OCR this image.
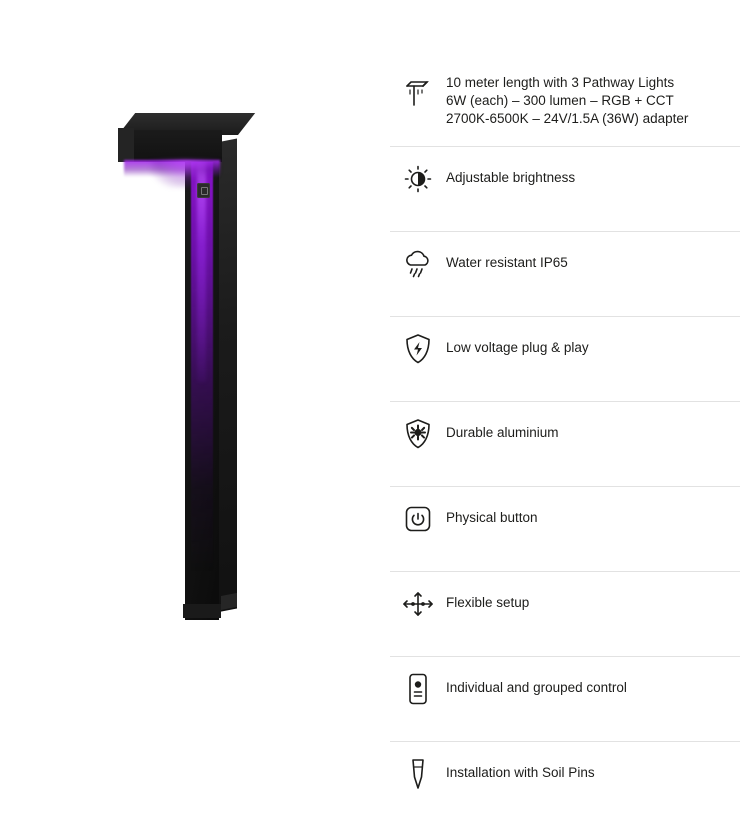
10 meter length with 3 Pathway Lights
6W (each) – 300 lumen – RGB + CCT
2700K-6500K – 24V/1.5A (36W) adapter
Adjustable brightness
Water resistant IP65
Low voltage plug & play
Durable aluminium
Physical button
Flexible setup
Individual and grouped control
Installation with Soil Pins
